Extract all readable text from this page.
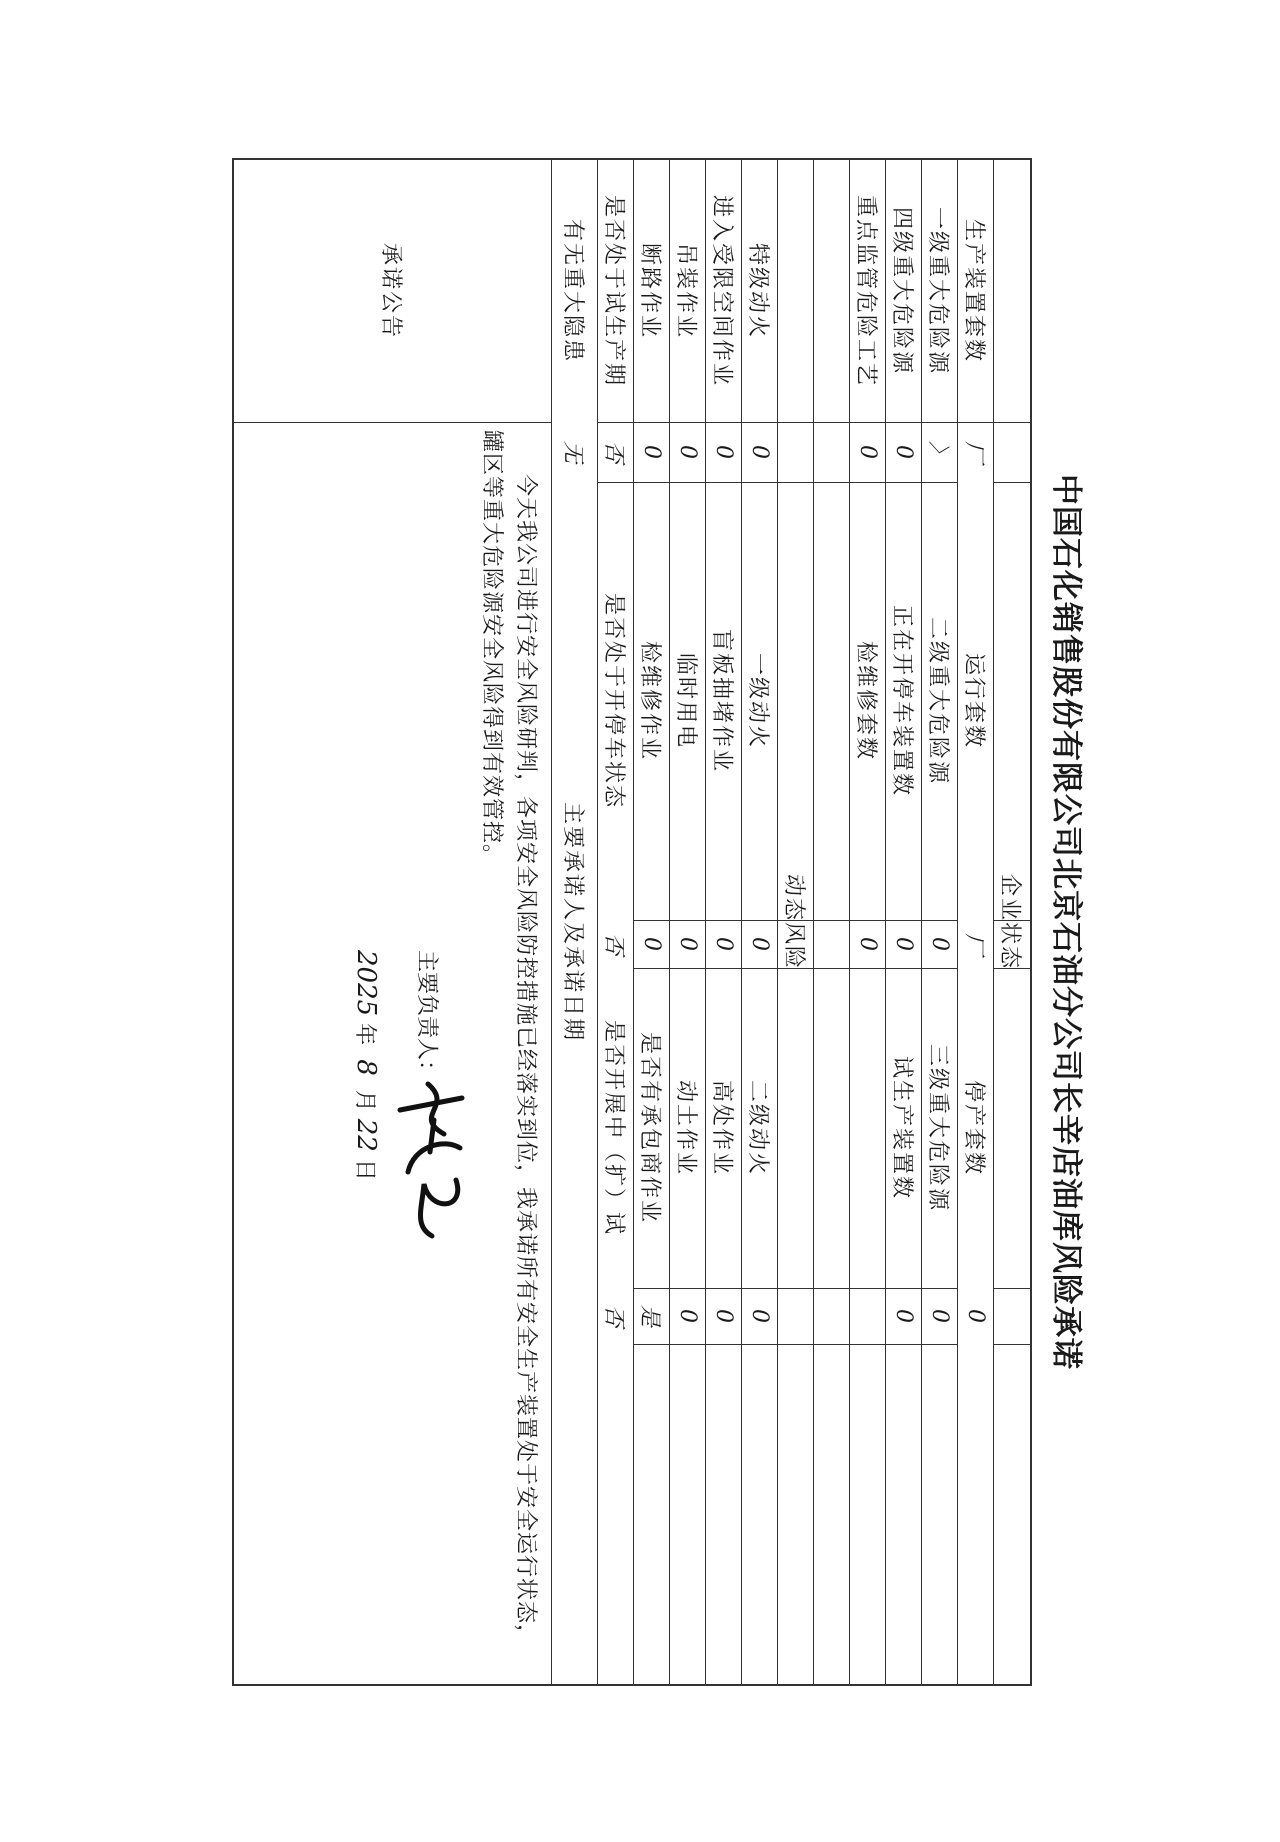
中国石化销售股份有限公司北京石油分公司长辛店油库风险承诺
企业状态
动态风险
主要承诺人及承诺日期
生产装置套数
厂
运行套数
厂
停产套数
0
一级重大危险源
〉
二级重大危险源
0
三级重大危险源
0
四级重大危险源
0
正在开停车装置数
0
试生产装置数
0
重点监管危险工艺
0
检维修套数
0
特级动火
0
一级动火
0
二级动火
0
进入受限空间作业
0
盲板抽堵作业
0
高处作业
0
吊装作业
0
临时用电
0
动土作业
0
断路作业
0
检维修作业
0
是否有承包商作业
是
是否处于试生产期
否
是否处于开停车状态
否
是否开展中（扩）试
否
有无重大隐患
无
承诺公告
今天我公司进行安全风险研判，各项安全风险防控措施已经落实到位，我承诺所有安全生产装置处于安全运行状态，罐区等重大危险源安全风险得到有效管控。
主要负责人：
2025 年  8  月 22 日
